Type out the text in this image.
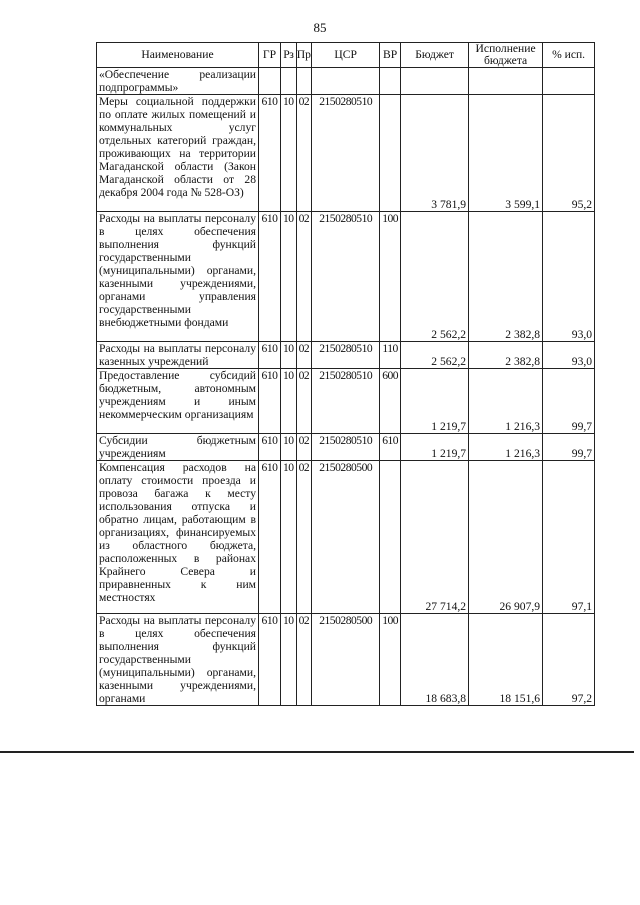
85
Наименование	ГР	Рз	Пр	ЦСР	ВР	Бюджет	Исполнение бюджета	% исп.
«Обеспечение реализации подпрограммы»								
Меры социальной поддержки по оплате жилых помещений и коммунальных услуг отдельных категорий граждан, проживающих на территории Магаданской области (Закон Магаданской области от 28 декабря 2004 года № 528-ОЗ)	610	10	02	2150280510		3 781,9	3 599,1	95,2
Расходы на выплаты персоналу в целях обеспечения выполнения функций государственными (муниципальными) органами, казенными учреждениями, органами управления государственными внебюджетными фондами	610	10	02	2150280510	100	2 562,2	2 382,8	93,0
Расходы на выплаты персоналу казенных учреждений	610	10	02	2150280510	110	2 562,2	2 382,8	93,0
Предоставление субсидий бюджетным, автономным учреждениям и иным некоммерческим организациям	610	10	02	2150280510	600	1 219,7	1 216,3	99,7
Субсидии бюджетным учреждениям	610	10	02	2150280510	610	1 219,7	1 216,3	99,7
Компенсация расходов на оплату стоимости проезда и провоза багажа к месту использования отпуска и обратно лицам, работающим в организациях, финансируемых из областного бюджета, расположенных в районах Крайнего Севера и приравненных к ним местностях	610	10	02	2150280500		27 714,2	26 907,9	97,1
Расходы на выплаты персоналу в целях обеспечения выполнения функций государственными (муниципальными) органами, казенными учреждениями, органами	610	10	02	2150280500	100	18 683,8	18 151,6	97,2
